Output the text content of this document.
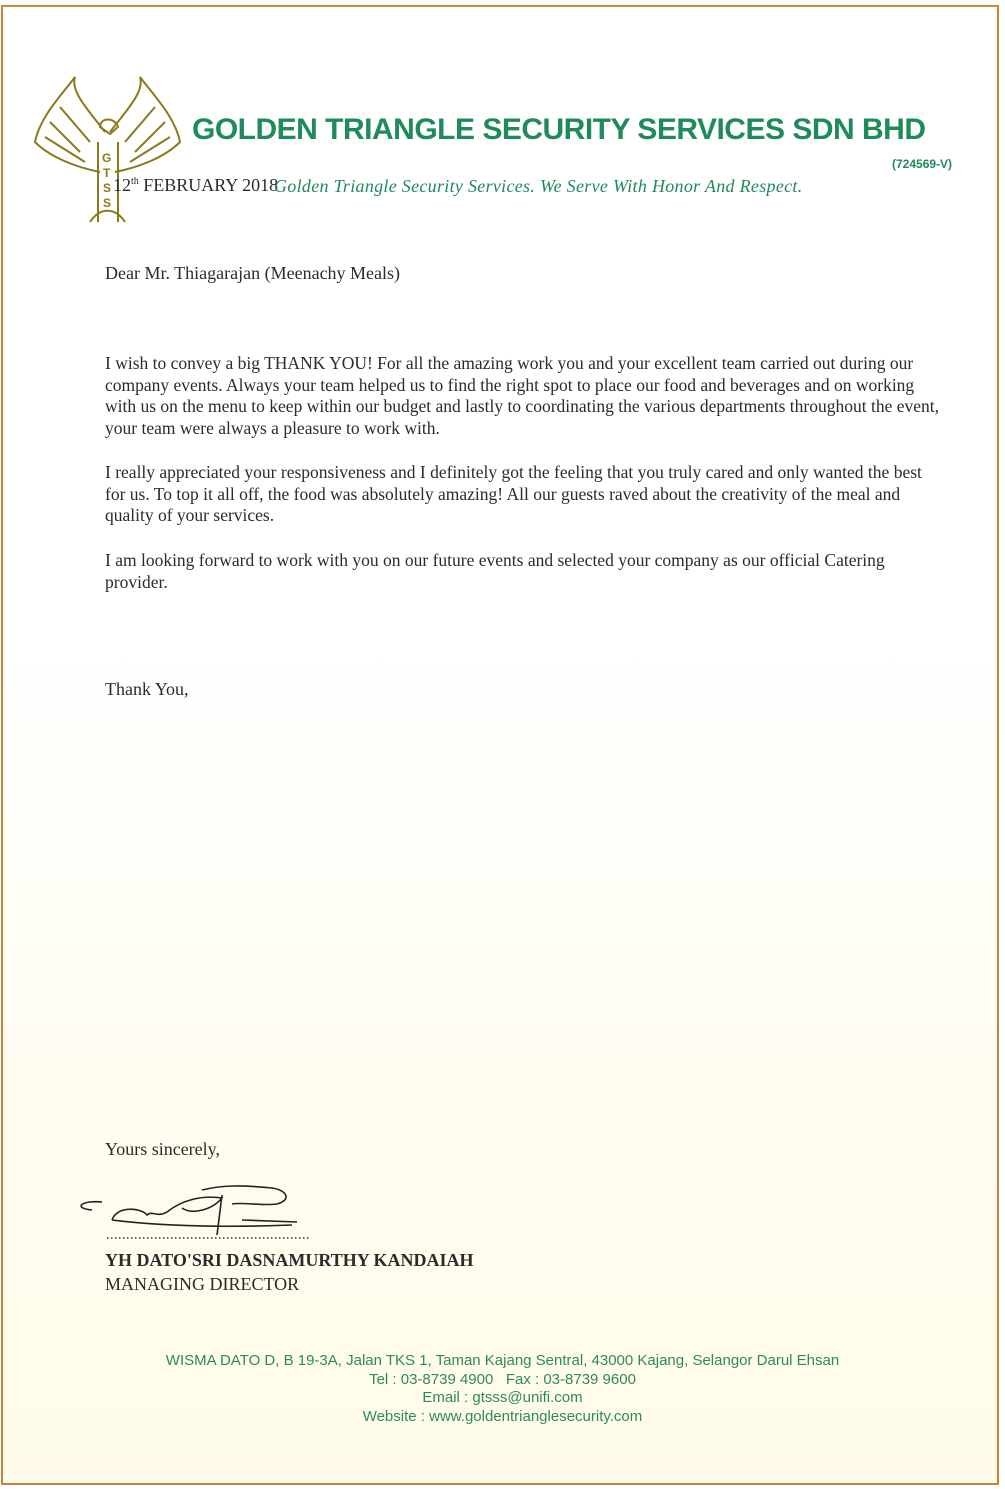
G
T
S
S
GOLDEN TRIANGLE SECURITY SERVICES SDN BHD
(724569-V)
12th FEBRUARY 2018
Golden Triangle Security Services. We Serve With Honor And Respect.
Dear Mr. Thiagarajan (Meenachy Meals)
I wish to convey a big THANK YOU! For all the amazing work you and your excellent team carried out during our company events. Always your team helped us to find the right spot to place our food and beverages and on working with us on the menu to keep within our budget and lastly to coordinating the various departments throughout the event, your team were always a pleasure to work with.
I really appreciated your responsiveness and I definitely got the feeling that you truly cared and only wanted the best for us. To top it all off, the food was absolutely amazing! All our guests raved about the creativity of the meal and quality of your services.
I am looking forward to work with you on our future events and selected your company as our official Catering provider.
Thank You,
Yours sincerely,
YH DATO'SRI DASNAMURTHY KANDAIAH
MANAGING DIRECTOR
WISMA DATO D, B 19-3A, Jalan TKS 1, Taman Kajang Sentral, 43000 Kajang, Selangor Darul Ehsan
Tel : 03-8739 4900   Fax : 03-8739 9600
Email : gtsss@unifi.com
Website : www.goldentrianglesecurity.com
